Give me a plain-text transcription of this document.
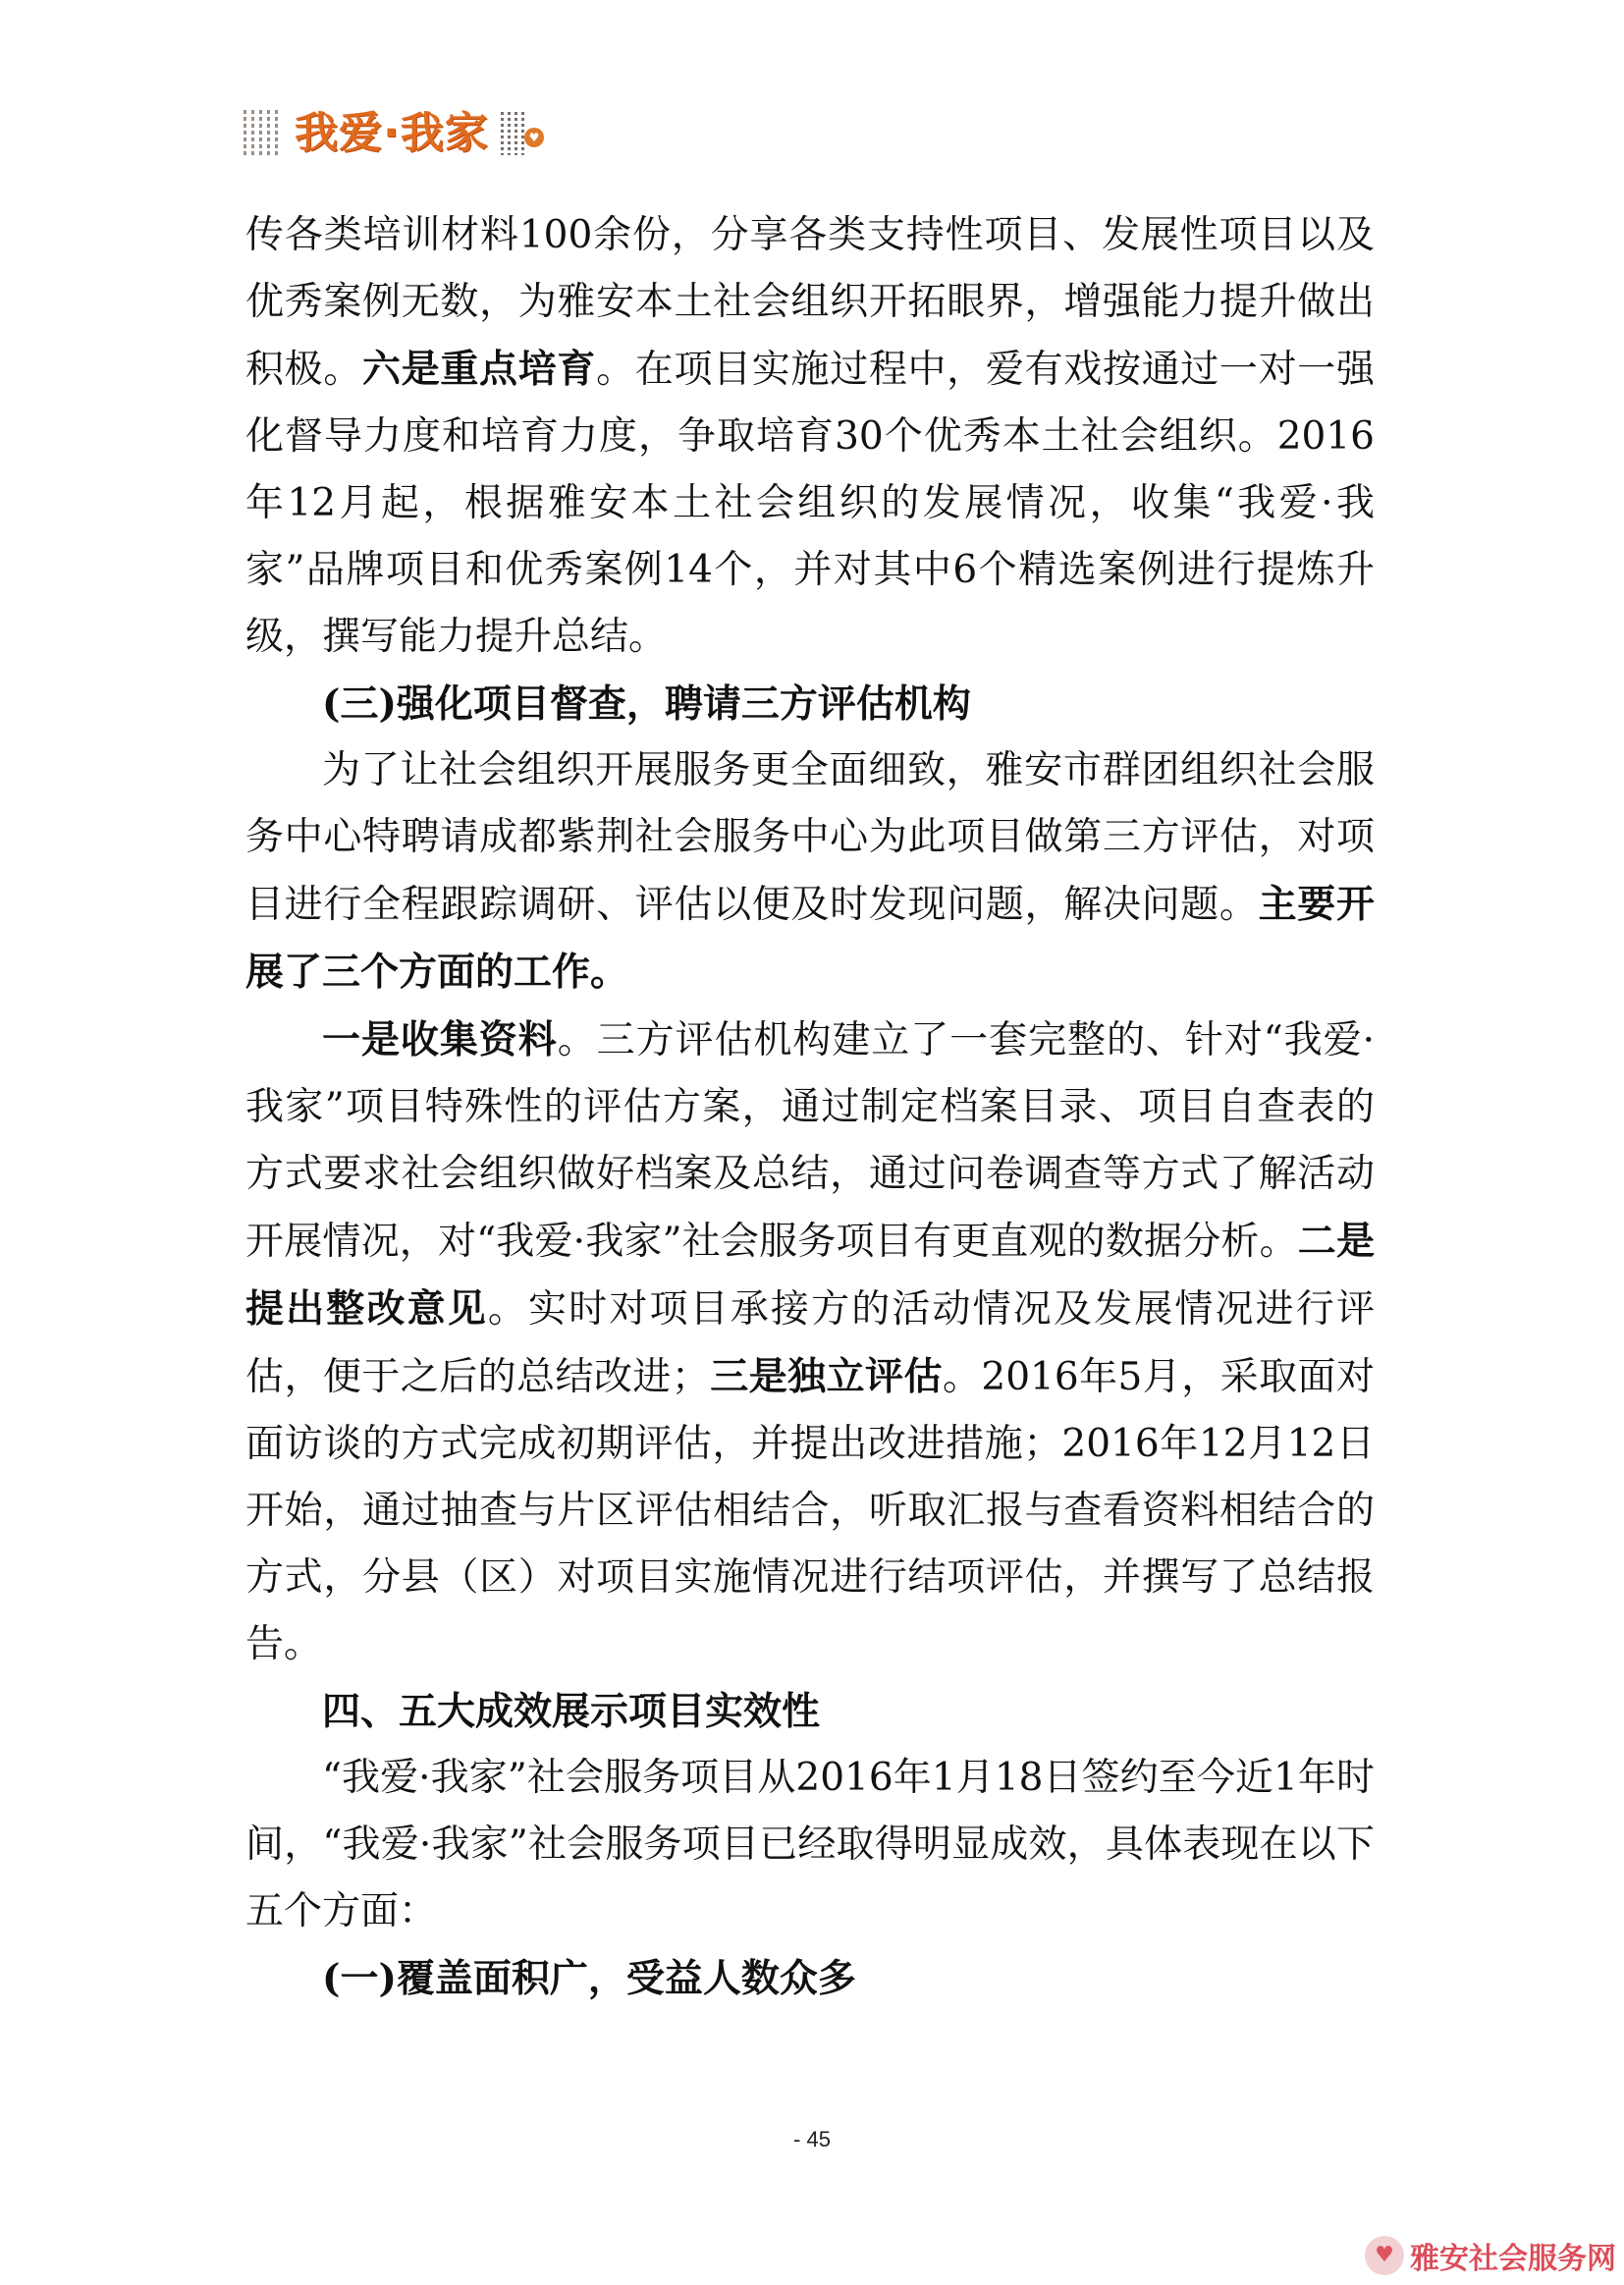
我爱·我家	♥

传各类培训材料100余份，分享各类支持性项目、发展性项目以及优秀案例无数，为雅安本土社会组织开拓眼界，增强能力提升做出积极。六是重点培育。在项目实施过程中，爱有戏按通过一对一强化督导力度和培育力度，争取培育30个优秀本土社会组织。2016年12月起，根据雅安本土社会组织的发展情况，收集“我爱·我家”品牌项目和优秀案例14个，并对其中6个精选案例进行提炼升级，撰写能力提升总结。

(三)强化项目督查，聘请三方评估机构

为了让社会组织开展服务更全面细致，雅安市群团组织社会服务中心特聘请成都紫荆社会服务中心为此项目做第三方评估，对项目进行全程跟踪调研、评估以便及时发现问题，解决问题。主要开展了三个方面的工作。

一是收集资料。三方评估机构建立了一套完整的、针对“我爱·我家”项目特殊性的评估方案，通过制定档案目录、项目自查表的方式要求社会组织做好档案及总结，通过问卷调查等方式了解活动开展情况，对“我爱·我家”社会服务项目有更直观的数据分析。二是提出整改意见。实时对项目承接方的活动情况及发展情况进行评估，便于之后的总结改进；三是独立评估。2016年5月，采取面对面访谈的方式完成初期评估，并提出改进措施；2016年12月12日开始，通过抽查与片区评估相结合，听取汇报与查看资料相结合的方式，分县（区）对项目实施情况进行结项评估，并撰写了总结报告。

四、五大成效展示项目实效性

“我爱·我家”社会服务项目从2016年1月18日签约至今近1年时间，“我爱·我家”社会服务项目已经取得明显成效，具体表现在以下五个方面：

(一)覆盖面积广，受益人数众多

- 45
♥ 雅安社会服务网
